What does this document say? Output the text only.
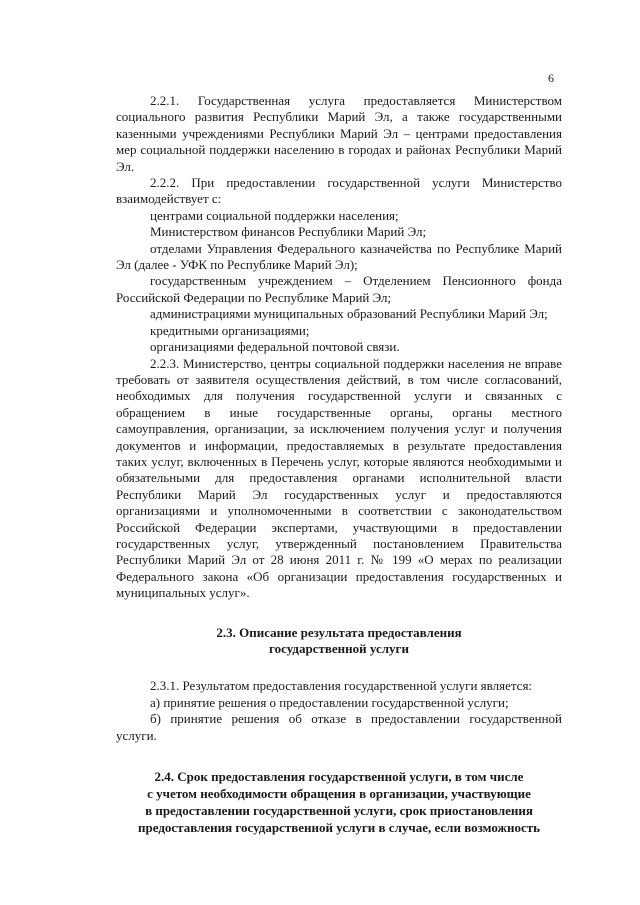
6

2.2.1. Государственная услуга предоставляется Министерством социального развития Республики Марий Эл, а также государственными казенными учреждениями Республики Марий Эл – центрами предоставления мер социальной поддержки населению в городах и районах Республики Марий Эл.

2.2.2. При предоставлении государственной услуги Министерство взаимодействует с:

центрами социальной поддержки населения;

Министерством финансов Республики Марий Эл;

отделами Управления Федерального казначейства по Республике Марий Эл (далее - УФК по Республике Марий Эл);

государственным учреждением – Отделением Пенсионного фонда Российской Федерации по Республике Марий Эл;

администрациями муниципальных образований Республики Марий Эл;

кредитными организациями;

организациями федеральной почтовой связи.

2.2.3. Министерство, центры социальной поддержки населения не вправе требовать от заявителя осуществления действий, в том числе согласований, необходимых для получения государственной услуги и связанных с обращением в иные государственные органы, органы местного самоуправления, организации, за исключением получения услуг и получения документов и информации, предоставляемых в результате предоставления таких услуг, включенных в Перечень услуг, которые являются необходимыми и обязательными для предоставления органами исполнительной власти Республики Марий Эл государственных услуг и предоставляются организациями и уполномоченными в соответствии с законодательством Российской Федерации экспертами, участвующими в предоставлении государственных услуг, утвержденный постановлением Правительства Республики Марий Эл от 28 июня 2011 г. № 199 «О мерах по реализации Федерального закона «Об организации предоставления государственных и муниципальных услуг».

2.3. Описание результата предоставления
государственной услуги

2.3.1. Результатом предоставления государственной услуги является:

а) принятие решения о предоставлении государственной услуги;

б) принятие решения об отказе в предоставлении государственной услуги.

2.4. Срок предоставления государственной услуги, в том числе
с учетом необходимости обращения в организации, участвующие
в предоставлении государственной услуги, срок приостановления
предоставления государственной услуги в случае, если возможность
